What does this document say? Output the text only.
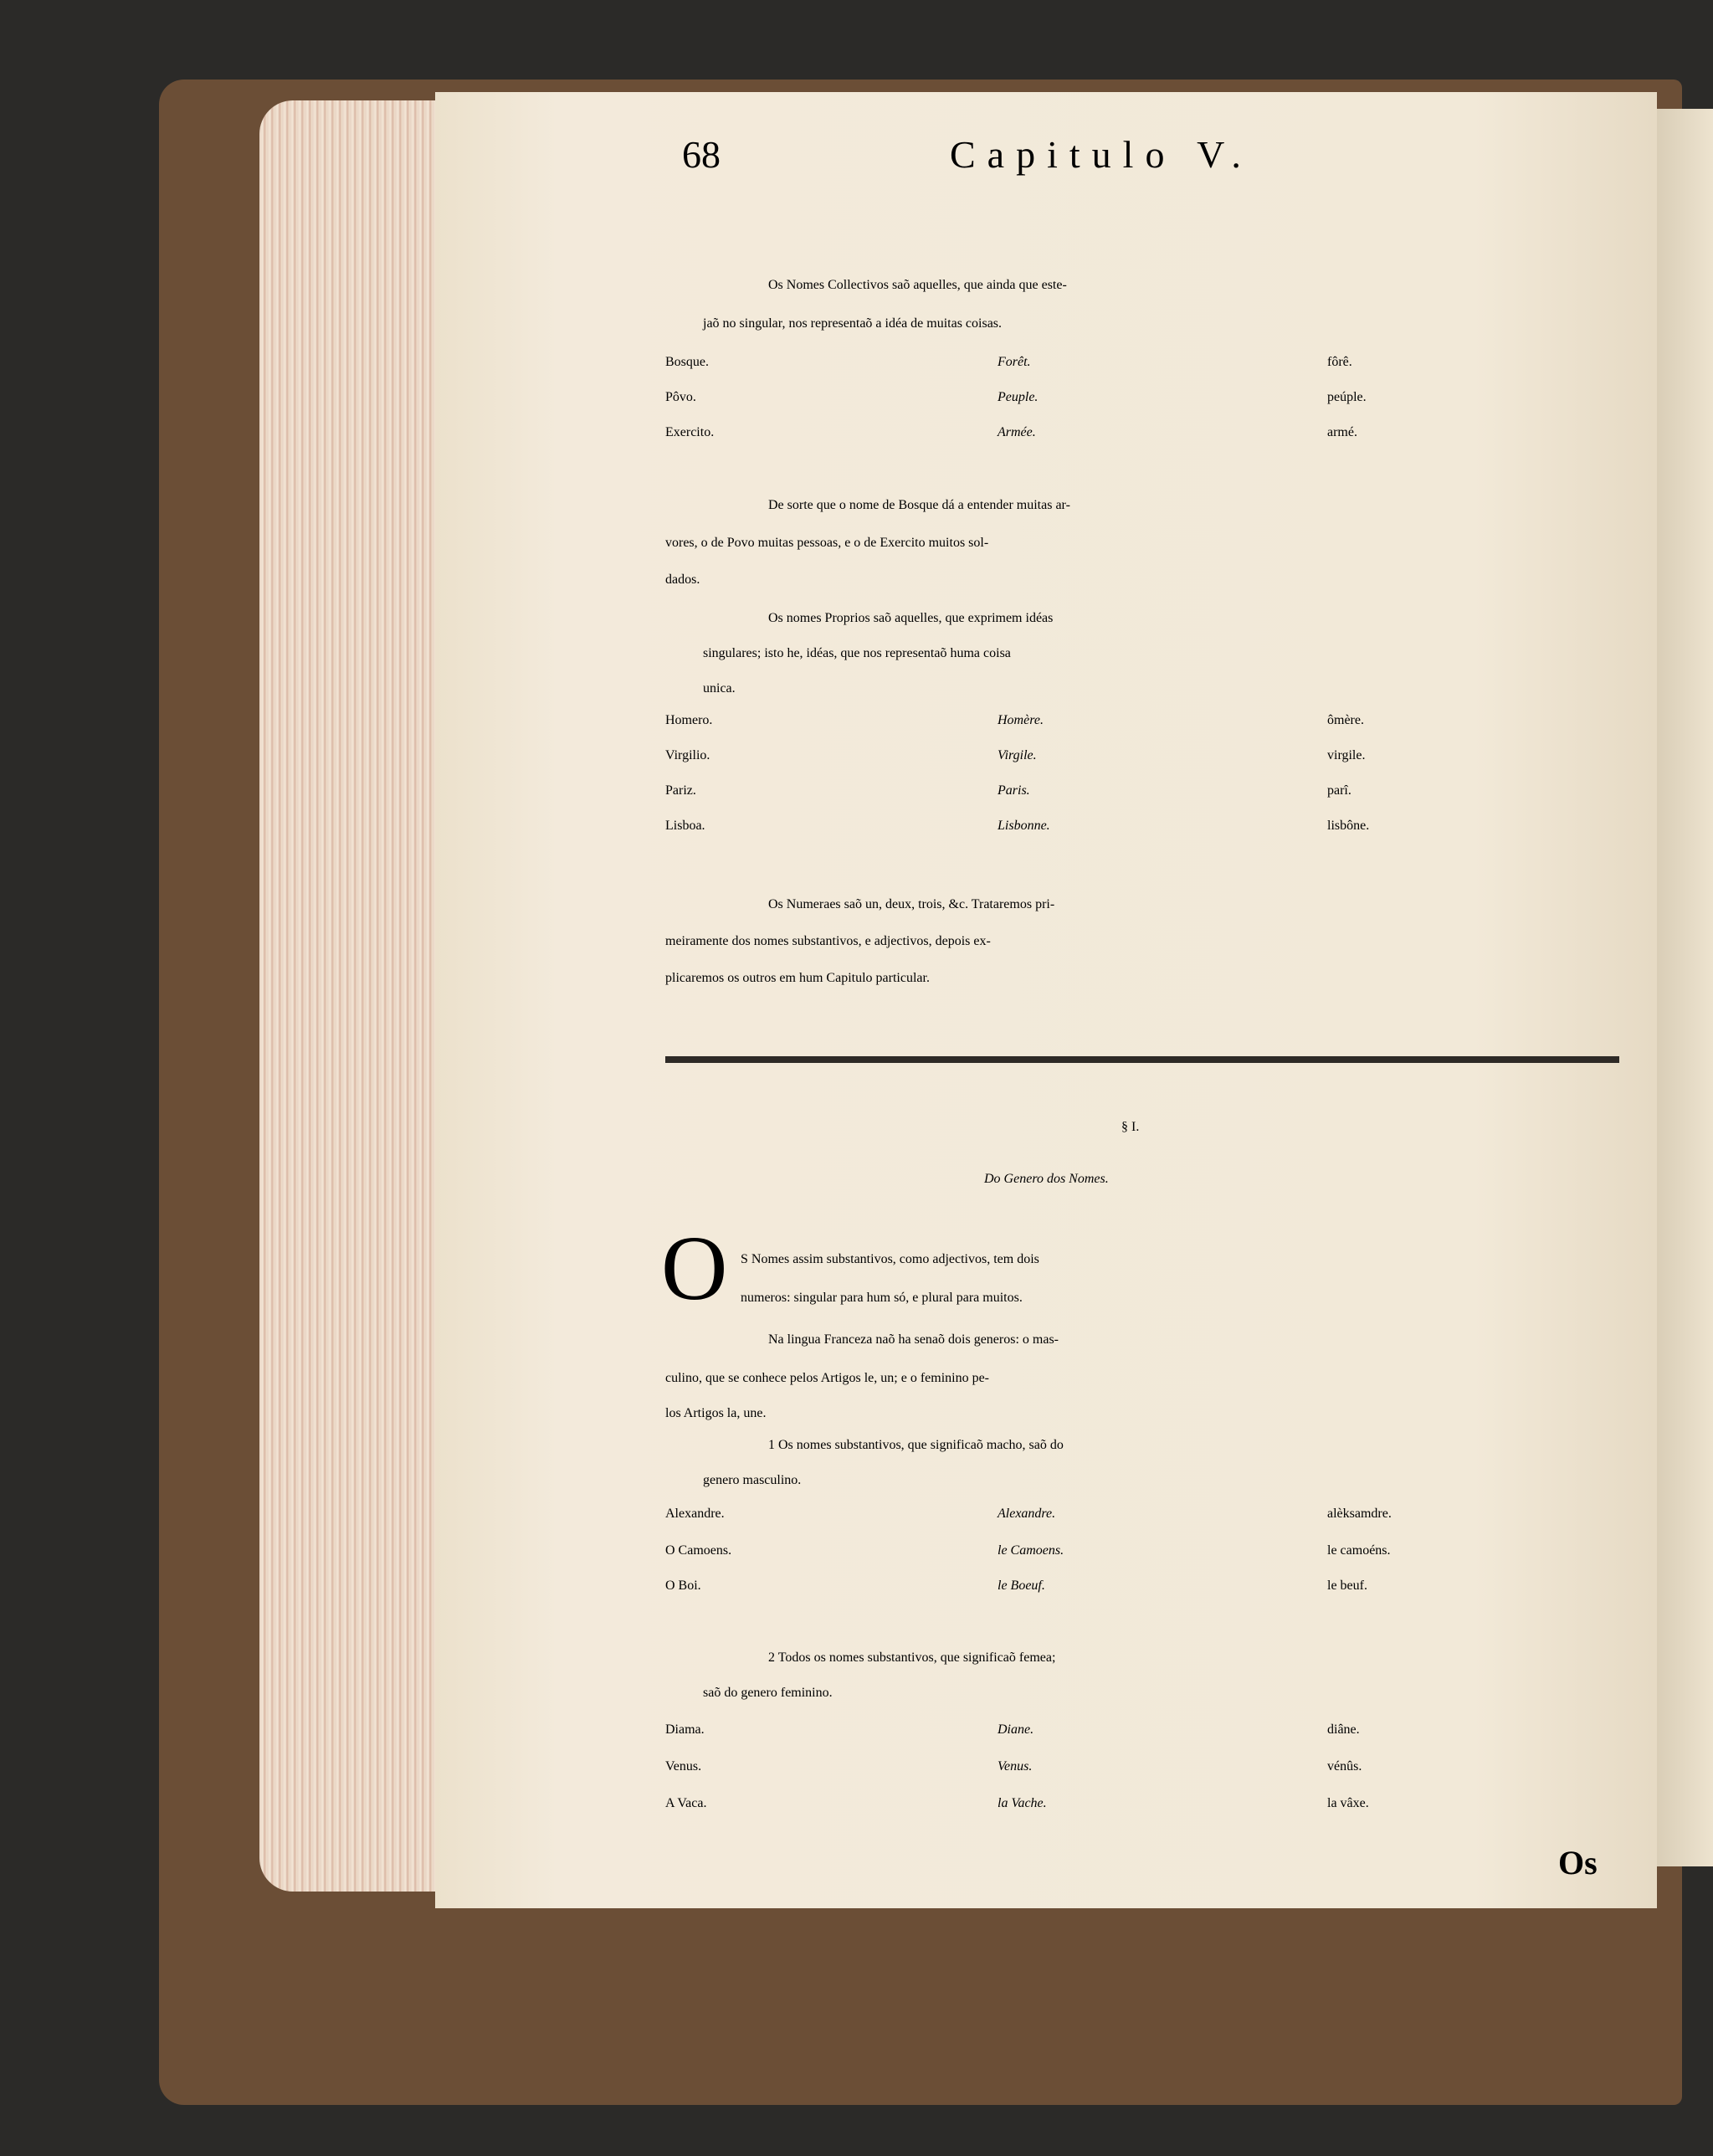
68	Capitulo V.
Os Nomes Collectivos saõ aquelles, que ainda que este-
jaõ no singular, nos representaõ a idéa de muitas coisas.
Bosque.	Forêt.	fôrê.
Pôvo.	Peuple.	peúple.
Exercito.	Armée.	armé.
De sorte que o nome de Bosque dá a entender muitas ar-
vores, o de Povo muitas pessoas, e o de Exercito muitos sol-
dados.
Os nomes Proprios saõ aquelles, que exprimem idéas
singulares; isto he, idéas, que nos representaõ huma coisa
unica.
Homero.	Homère.	ômère.
Virgilio.	Virgile.	virgile.
Pariz.	Paris.	parî.
Lisboa.	Lisbonne.	lisbône.
Os Numeraes saõ un, deux, trois, &c. Trataremos pri-
meiramente dos nomes substantivos, e adjectivos, depois ex-
plicaremos os outros em hum Capitulo particular.
§ I.
Do Genero dos Nomes.
O S Nomes assim substantivos, como adjectivos, tem dois
numeros: singular para hum só, e plural para muitos.
Na lingua Franceza naõ ha senaõ dois generos: o mas-
culino, que se conhece pelos Artigos le, un; e o feminino pe-
los Artigos la, une.
1 Os nomes substantivos, que significaõ macho, saõ do
genero masculino.
Alexandre.	Alexandre.	alèksamdre.
O Camoens.	le Camoens.	le camoéns.
O Boi.	le Boeuf.	le beuf.
2 Todos os nomes substantivos, que significaõ femea;
saõ do genero feminino.
Diama.	Diane.	diâne.
Venus.	Venus.	vénûs.
A Vaca.	la Vache.	la vâxe.
Os
